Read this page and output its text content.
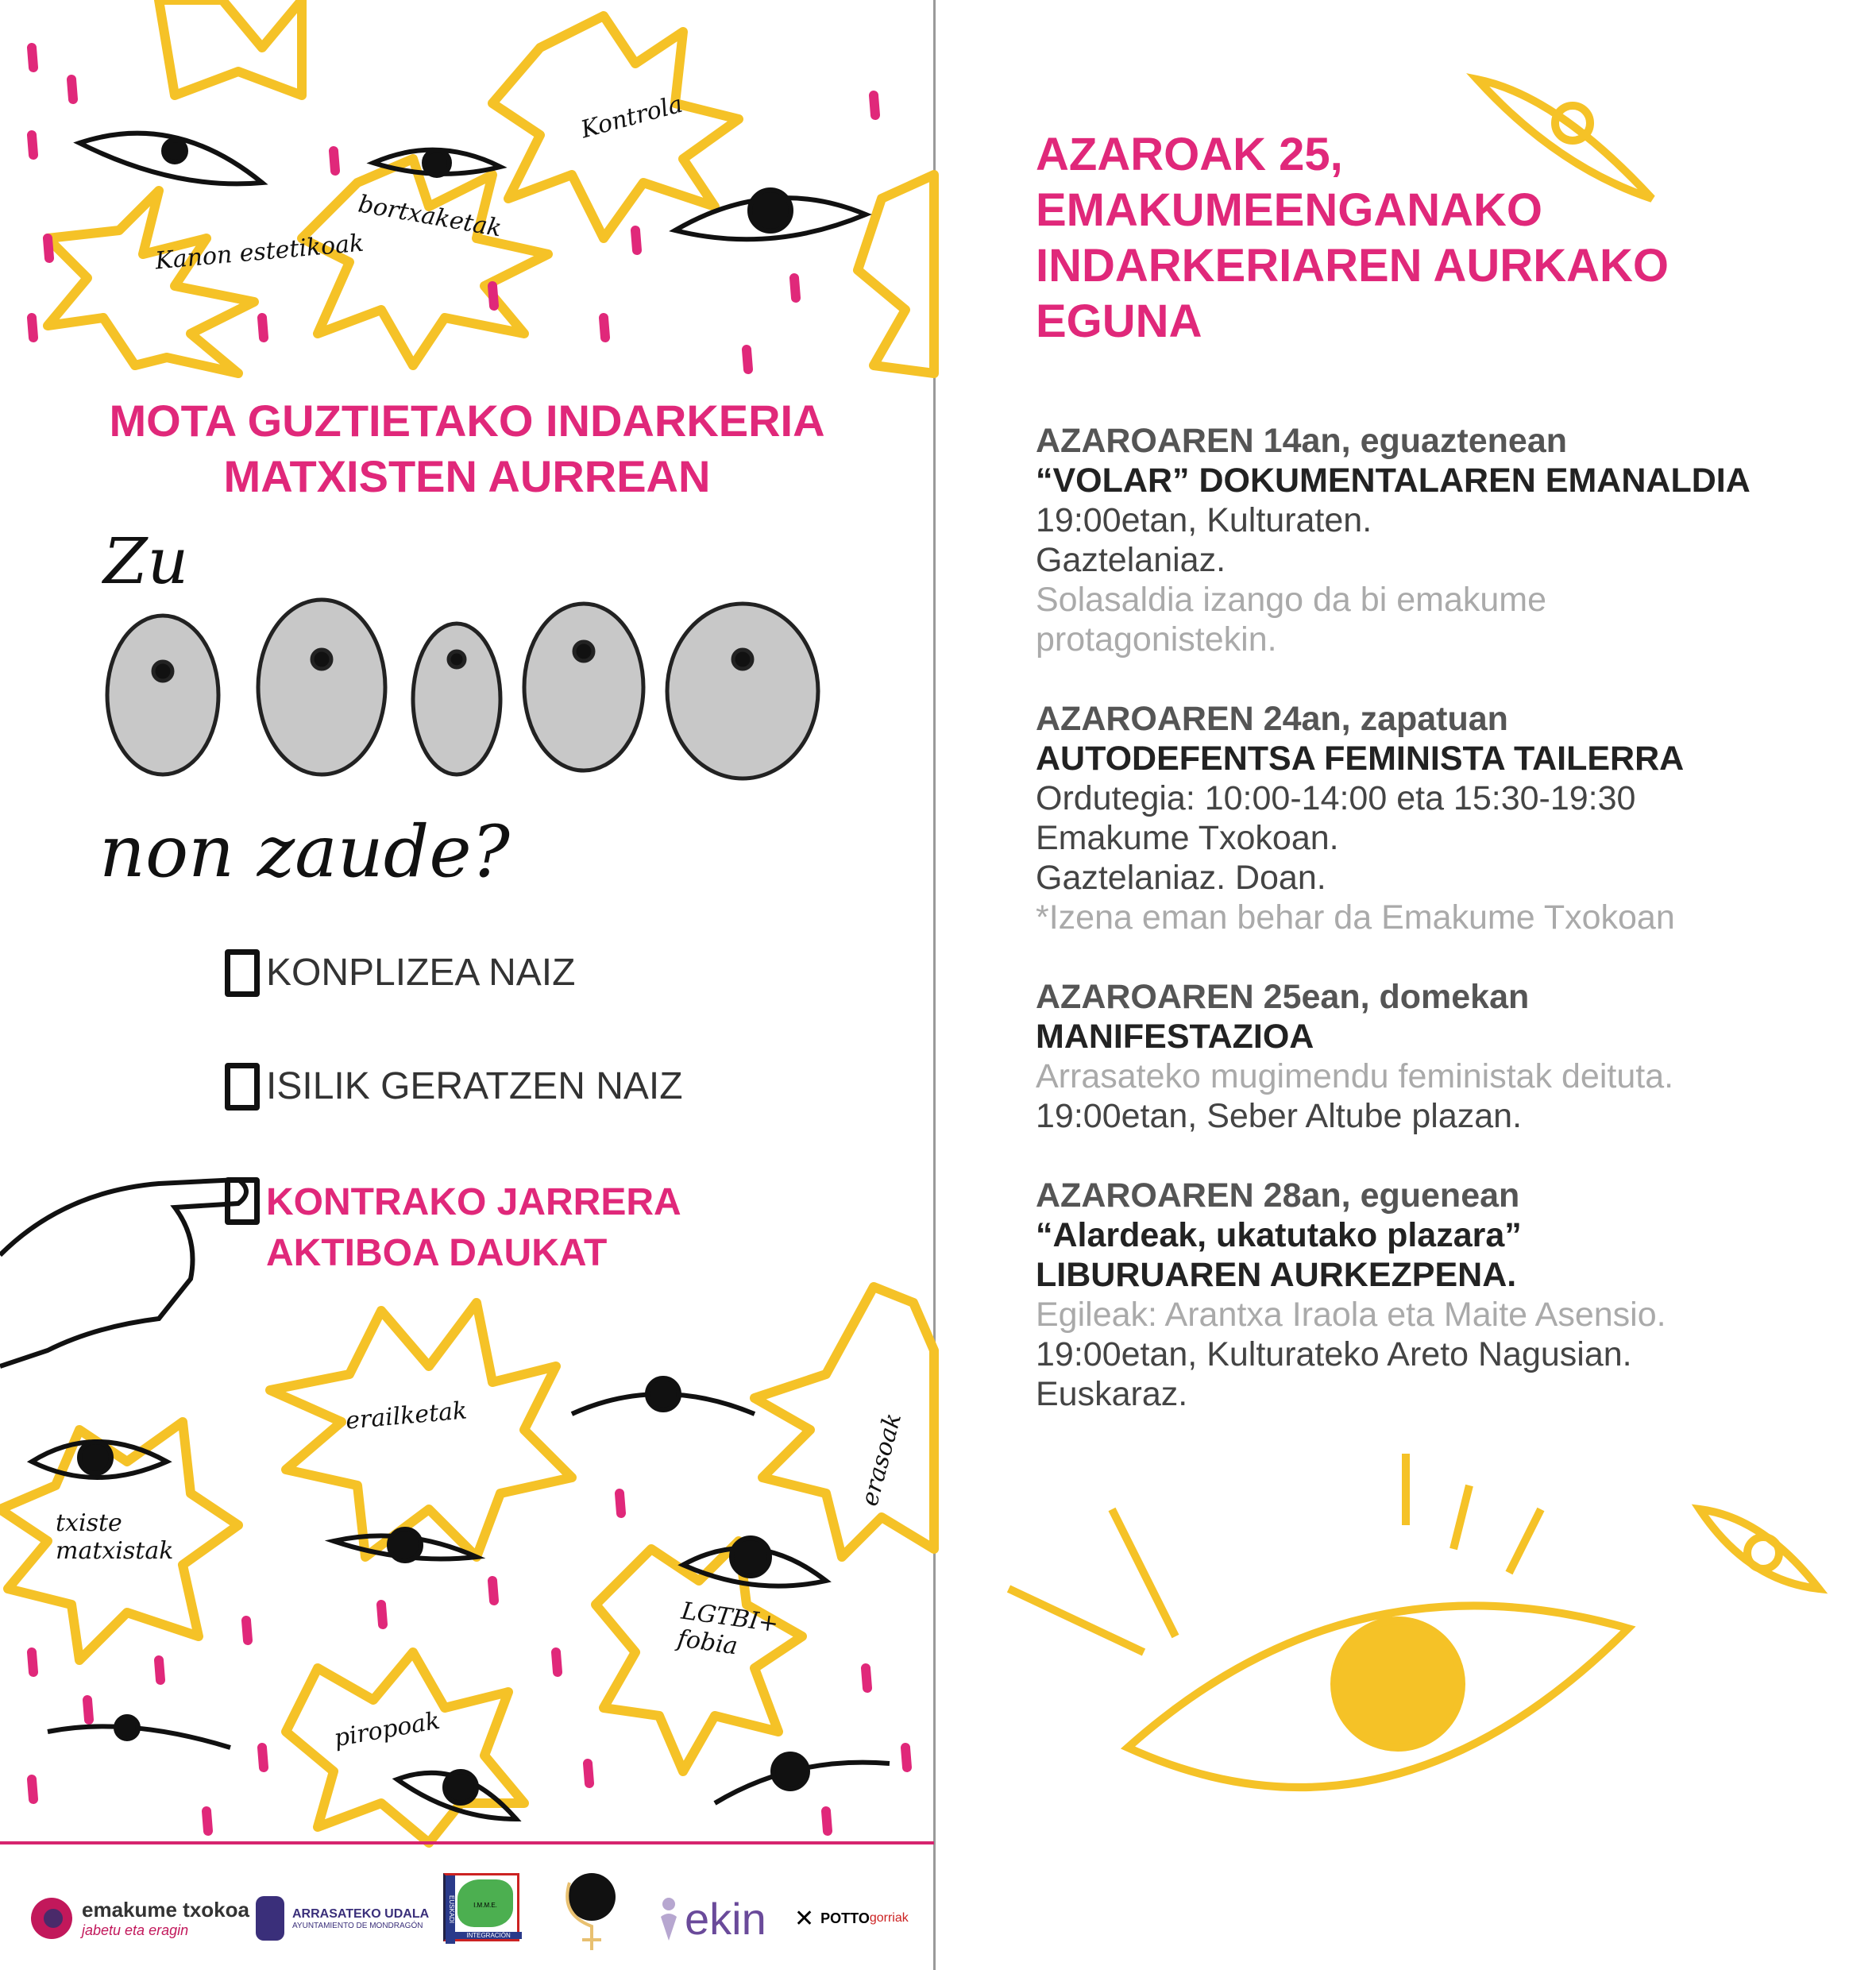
Kanon estetikoak
bortxaketak
Kontrola
erailketak	erasoak
txiste matxistak
LGTBI+ fobia
piropoak
MOTA GUZTIETAKO INDARKERIA
MATXISTEN AURREAN
Zu
non zaude?
KONPLIZEA NAIZ
ISILIK GERATZEN NAIZ
KONTRAKO JARRERA
AKTIBOA DAUKAT
emakume txokoa
jabetu eta eragin
ARRASATEKO UDALA
AYUNTAMIENTO DE MONDRAGÓN
I.M.M.E.
EUSKADI
INTEGRACIÓN	ekin ✕ POTTO gorriak
AZAROAK 25,
EMAKUMEENGANAKO
INDARKERIAREN AURKAKO
EGUNA
AZAROAREN 14an, eguaztenean
“VOLAR” DOKUMENTALAREN EMANALDIA
19:00etan, Kulturaten.
Gaztelaniaz.
Solasaldia izango da bi emakume
protagonistekin.
AZAROAREN 24an, zapatuan
AUTODEFENTSA FEMINISTA TAILERRA
Ordutegia: 10:00-14:00 eta 15:30-19:30
Emakume Txokoan.
Gaztelaniaz. Doan.
*Izena eman behar da Emakume Txokoan
AZAROAREN 25ean, domekan
MANIFESTAZIOA
Arrasateko mugimendu feministak deituta.
19:00etan, Seber Altube plazan.
AZAROAREN 28an, eguenean
“Alardeak, ukatutako plazara”
LIBURUAREN AURKEZPENA.
Egileak: Arantxa Iraola eta Maite Asensio.
19:00etan, Kulturateko Areto Nagusian.
Euskaraz.
